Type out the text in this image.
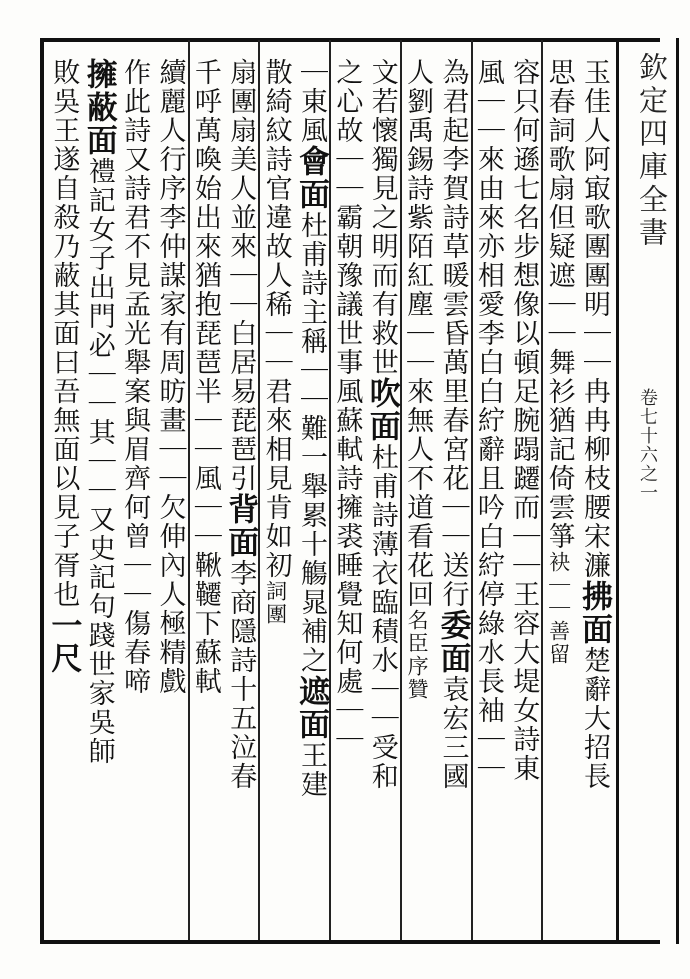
欽定四庫全書
卷七十六之一
玉佳人阿㝡歌團團明｜｜冉冉柳枝腰宋濂拂面楚辭大招長
思春詞歌扇但疑遮｜｜舞衫猶記倚雲箏袂｜｜善留
容只何遜七名步想像以頓足腕蹋躚而｜｜王容大堤女詩東
風｜｜來由來亦相愛李白白紵辭且吟白紵停綠水長袖｜｜
為君起李賀詩草暖雲昏萬里春宮花｜｜送行委面袁宏三國
人劉禹錫詩紫陌紅塵｜｜來無人不道看花回名臣序贊
文若懷獨見之明而有救世吹面杜甫詩薄衣臨積水｜｜受和
之心故｜｜霸朝豫議世事風蘇軾詩擁裘睡覺知何處｜｜
｜東風會面杜甫詩主稱｜｜難一舉累十觴晁補之遮面王建
散綺紋詩官違故人稀｜｜君來相見肯如初詞團
扇團扇美人並來｜｜白居易琵琶引背面李商隱詩十五泣春
千呼萬喚始出來猶抱琵琶半｜｜風｜｜鞦韆下蘇軾
續麗人行序李仲謀家有周昉畫｜｜欠伸內人極精戲
作此詩又詩君不見孟光舉案與眉齊何曾｜｜傷春啼
擁蔽面禮記女子出門必｜｜其｜｜又史記句踐世家吳師
敗吳王遂自殺乃蔽其面曰吾無面以見子胥也一尺
